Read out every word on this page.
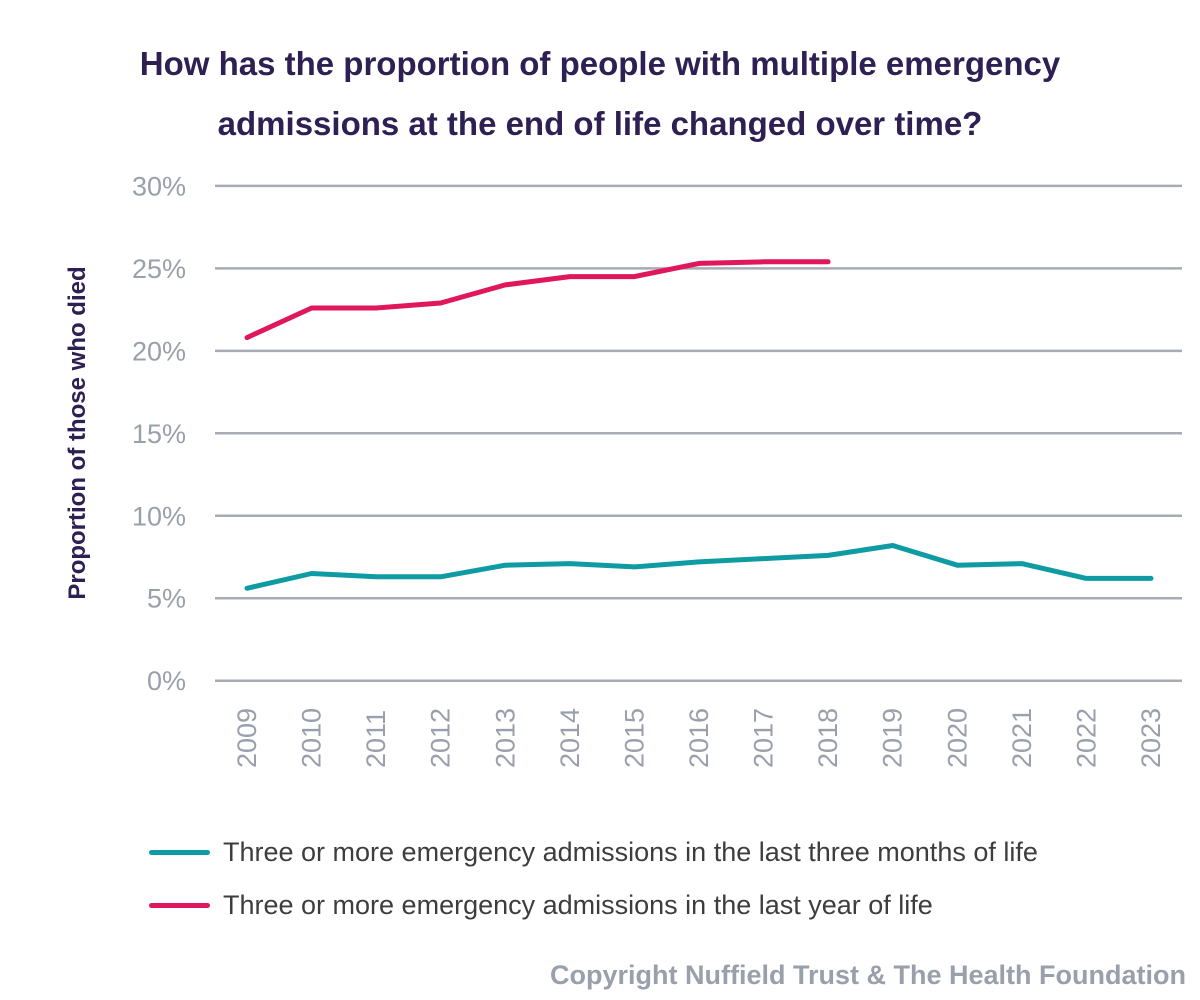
How has the proportion of people with multiple emergency
admissions at the end of life changed over time?
0%
5%
10%
15%
20%
25%
30%
2009 2010 2011 2012 2013 2014 2015 2016 2017 2018 2019 2020 2021 2022 2023
Proportion of those who died
Three or more emergency admissions in the last three months of life
Three or more emergency admissions in the last year of life
Copyright Nuffield Trust & The Health Foundation
